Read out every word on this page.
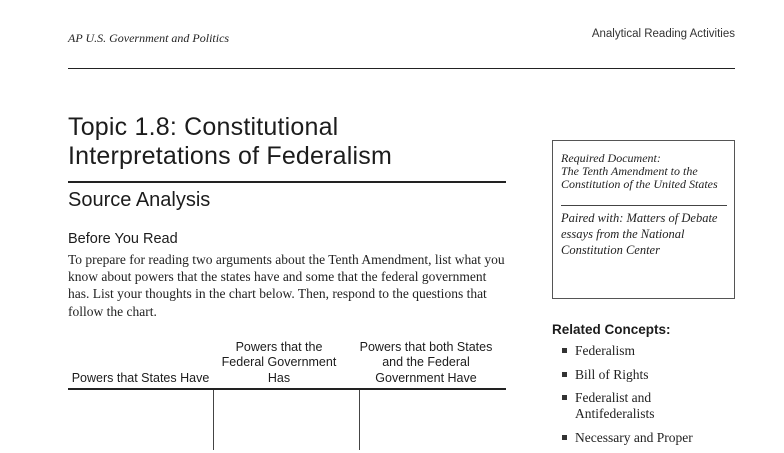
AP U.S. Government and Politics	Analytical Reading Activities
Topic 1.8: Constitutional Interpretations of Federalism
Source Analysis
Before You Read
To prepare for reading two arguments about the Tenth Amendment, list what you know about powers that the states have and some that the federal government has. List your thoughts in the chart below. Then, respond to the questions that follow the chart.
Required Document:
The Tenth Amendment to the Constitution of the United States
Paired with: Matters of Debate essays from the National Constitution Center
Related Concepts:
Federalism
Bill of Rights
Federalist and Antifederalists
Necessary and Proper
Powers that States Have
Powers that the Federal Government Has
Powers that both States and the Federal Government Have
